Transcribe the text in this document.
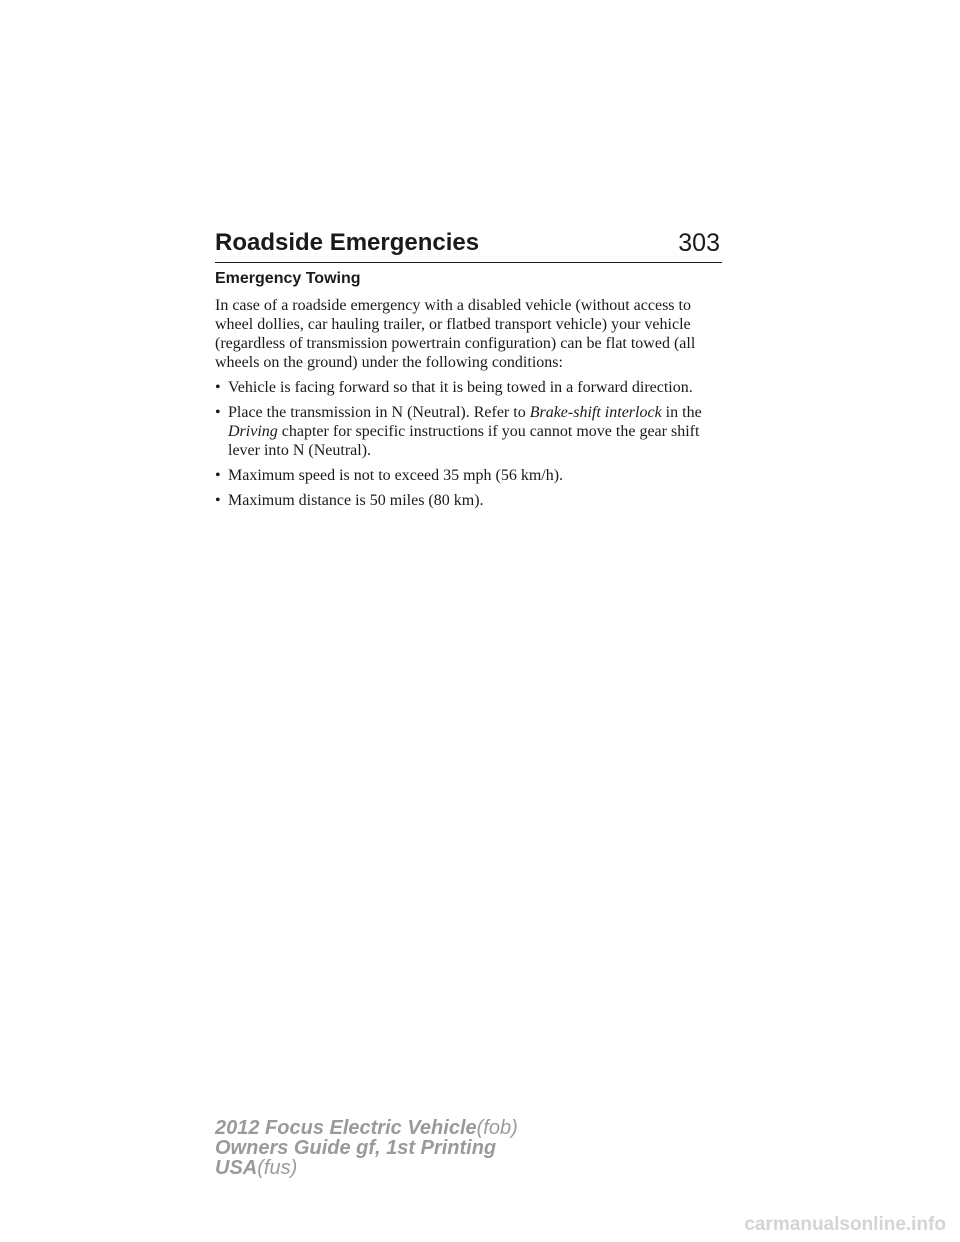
Roadside Emergencies	303
Emergency Towing

In case of a roadside emergency with a disabled vehicle (without access to wheel dollies, car hauling trailer, or flatbed transport vehicle) your vehicle (regardless of transmission powertrain configuration) can be flat towed (all wheels on the ground) under the following conditions:

• Vehicle is facing forward so that it is being towed in a forward direction.
• Place the transmission in N (Neutral). Refer to Brake-shift interlock in the Driving chapter for specific instructions if you cannot move the gear shift lever into N (Neutral).
• Maximum speed is not to exceed 35 mph (56 km/h).
• Maximum distance is 50 miles (80 km).
2012 Focus Electric Vehicle(fob)
Owners Guide gf, 1st Printing
USA(fus)
carmanualsonline.info
